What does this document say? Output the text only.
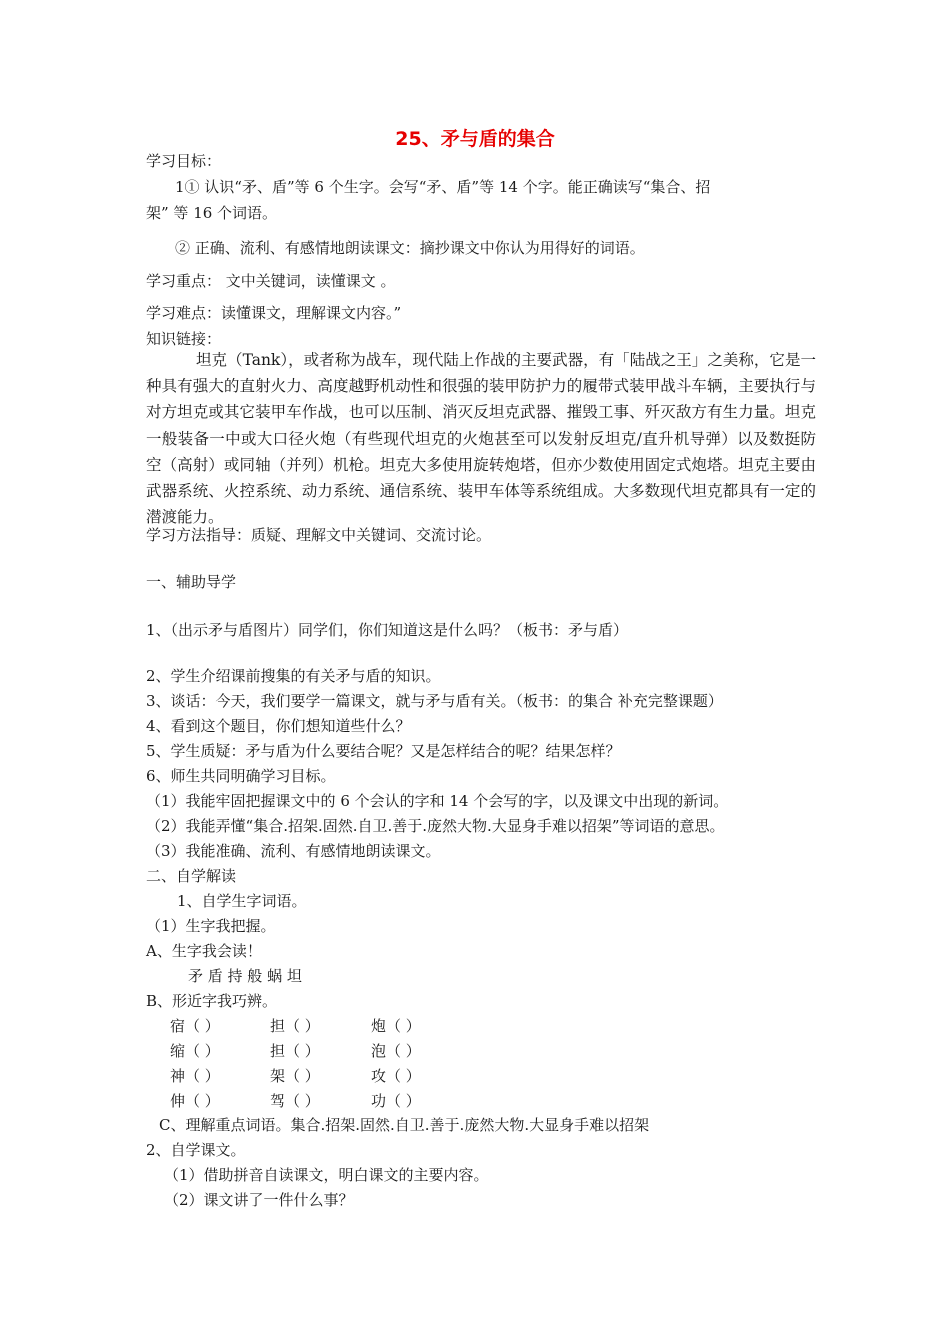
25、矛与盾的集合
学习目标：
1① 认识“矛、盾”等 6 个生字。会写“矛、盾”等 14 个字。能正确读写“集合、招
架” 等 16 个词语。
② 正确、流利、有感情地朗读课文：摘抄课文中你认为用得好的词语。
学习重点： 文中关键词，读懂课文 。
学习难点：读懂课文，理解课文内容。”
知识链接：
坦克（Tank），或者称为战车，现代陆上作战的主要武器，有「陆战之王」之美称，它是一种具有强大的直射火力、高度越野机动性和很强的装甲防护力的履带式装甲战斗车辆，主要执行与对方坦克或其它装甲车作战，也可以压制、消灭反坦克武器、摧毁工事、歼灭敌方有生力量。坦克一般装备一中或大口径火炮（有些现代坦克的火炮甚至可以发射反坦克/直升机导弹）以及数挺防空（高射）或同轴（并列）机枪。坦克大多使用旋转炮塔，但亦少数使用固定式炮塔。坦克主要由武器系统、火控系统、动力系统、通信系统、装甲车体等系统组成。大多数现代坦克都具有一定的潜渡能力。
学习方法指导：质疑、理解文中关键词、交流讨论。
一、辅助导学
1、（出示矛与盾图片）同学们，你们知道这是什么吗？（板书：矛与盾）
2、学生介绍课前搜集的有关矛与盾的知识。
3、谈话：今天，我们要学一篇课文，就与矛与盾有关。（板书：的集合 补充完整课题）
4、看到这个题目，你们想知道些什么？
5、学生质疑：矛与盾为什么要结合呢？又是怎样结合的呢？结果怎样？
6、师生共同明确学习目标。
（1）我能牢固把握课文中的 6 个会认的字和 14 个会写的字，以及课文中出现的新词。
（2）我能弄懂“集合.招架.固然.自卫.善于.庞然大物.大显身手难以招架”等词语的意思。
（3）我能准确、流利、有感情地朗读课文。
二、自学解读
1、自学生字词语。
（1）生字我把握。
A、生字我会读！
矛 盾 持 般 蜗 坦
B、形近字我巧辨。
宿（ ）	担（ ）	炮（ ）
缩（ ）	担（ ）	泡（ ）
神（ ）	架（ ）	攻（ ）
伸（ ）	驾（ ）	功（ ）
C、理解重点词语。集合.招架.固然.自卫.善于.庞然大物.大显身手难以招架
2、自学课文。
（1）借助拼音自读课文，明白课文的主要内容。
（2）课文讲了一件什么事？
